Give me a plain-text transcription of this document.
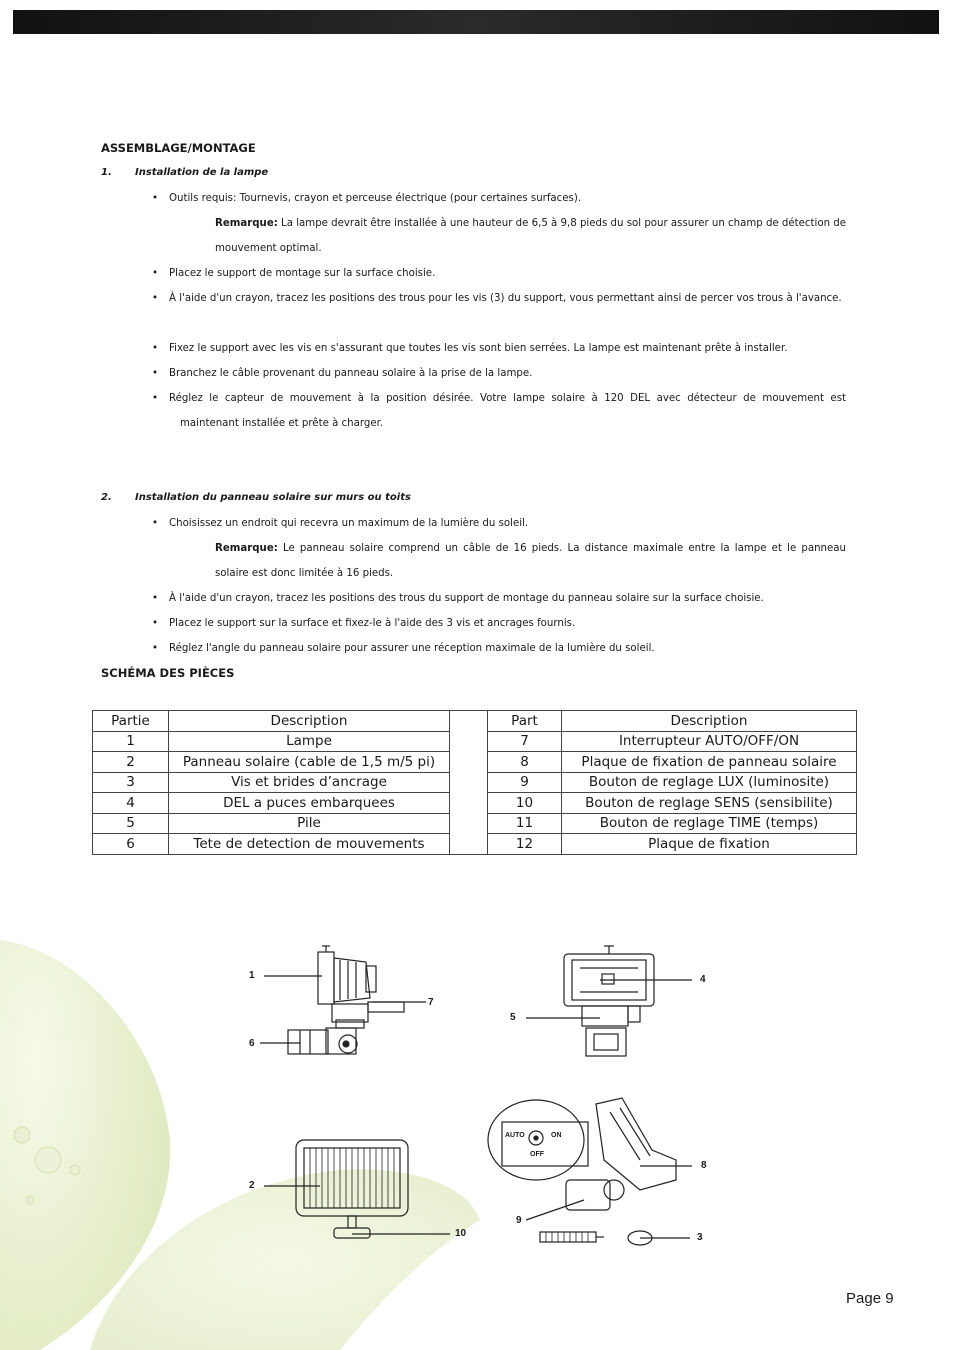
ASSEMBLAGE/MONTAGE
1. Installation de la lampe
• Outils requis: Tournevis, crayon et perceuse électrique (pour certaines surfaces).
Remarque: La lampe devrait être installée à une hauteur de 6,5 à 9,8 pieds du sol pour assurer un champ de détection de mouvement optimal.
• Placez le support de montage sur la surface choisie.
• À l'aide d'un crayon, tracez les positions des trous pour les vis (3) du support, vous permettant ainsi de percer vos trous à l'avance.
• Fixez le support avec les vis en s'assurant que toutes les vis sont bien serrées. La lampe est maintenant prête à installer.
• Branchez le câble provenant du panneau solaire à la prise de la lampe.
• Réglez le capteur de mouvement à la position désirée. Votre lampe solaire à 120 DEL avec détecteur de mouvement est maintenant installée et prête à charger.
2. Installation du panneau solaire sur murs ou toits
• Choisissez un endroit qui recevra un maximum de la lumière du soleil.
Remarque: Le panneau solaire comprend un câble de 16 pieds. La distance maximale entre la lampe et le panneau solaire est donc limitée à 16 pieds.
• À l'aide d'un crayon, tracez les positions des trous du support de montage du panneau solaire sur la surface choisie.
• Placez le support sur la surface et fixez-le à l'aide des 3 vis et ancrages fournis.
• Réglez l'angle du panneau solaire pour assurer une réception maximale de la lumière du soleil.
SCHÉMA DES PIÈCES
Partie	Description		Part	Description
1	Lampe		7	Interrupteur AUTO/OFF/ON
2	Panneau solaire (cable de 1,5 m/5 pi)		8	Plaque de fixation de panneau solaire
3	Vis et brides d’ancrage		9	Bouton de reglage LUX (luminosite)
4	DEL a puces embarquees		10	Bouton de reglage SENS (sensibilite)
5	Pile		11	Bouton de reglage TIME (temps)
6	Tete de detection de mouvements		12	Plaque de fixation
1
7
6
4
5
2
10
8
9
3
AUTO	ON
OFF
Page 9
